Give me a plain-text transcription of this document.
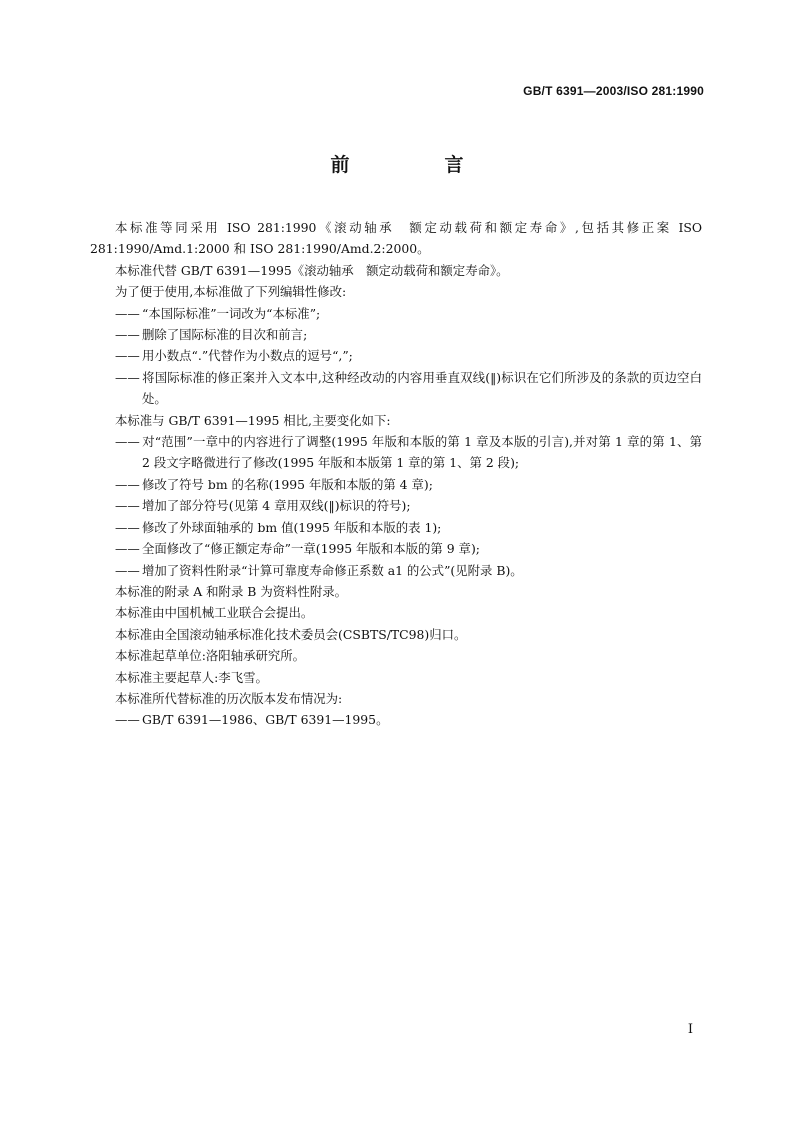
GB/T 6391—2003/ISO 281:1990
前　言

本标准等同采用 ISO 281:1990《滚动轴承　额定动载荷和额定寿命》,包括其修正案 ISO 281:1990/Amd.1:2000 和 ISO 281:1990/Amd.2:2000。

本标准代替 GB/T 6391—1995《滚动轴承　额定动载荷和额定寿命》。

为了便于使用,本标准做了下列编辑性修改:

—— “本国际标准”一词改为“本标准”;

—— 删除了国际标准的目次和前言;

—— 用小数点“.”代替作为小数点的逗号“,”;

—— 将国际标准的修正案并入文本中,这种经改动的内容用垂直双线(‖)标识在它们所涉及的条款的页边空白处。

本标准与 GB/T 6391—1995 相比,主要变化如下:

—— 对“范围”一章中的内容进行了调整(1995 年版和本版的第 1 章及本版的引言),并对第 1 章的第 1、第 2 段文字略微进行了修改(1995 年版和本版第 1 章的第 1、第 2 段);

—— 修改了符号 bm 的名称(1995 年版和本版的第 4 章);

—— 增加了部分符号(见第 4 章用双线(‖)标识的符号);

—— 修改了外球面轴承的 bm 值(1995 年版和本版的表 1);

—— 全面修改了“修正额定寿命”一章(1995 年版和本版的第 9 章);

—— 增加了资料性附录“计算可靠度寿命修正系数 a1 的公式”(见附录 B)。

本标准的附录 A 和附录 B 为资料性附录。

本标准由中国机械工业联合会提出。

本标准由全国滚动轴承标准化技术委员会(CSBTS/TC98)归口。

本标准起草单位:洛阳轴承研究所。

本标准主要起草人:李飞雪。

本标准所代替标准的历次版本发布情况为:

—— GB/T 6391—1986、GB/T 6391—1995。

I
